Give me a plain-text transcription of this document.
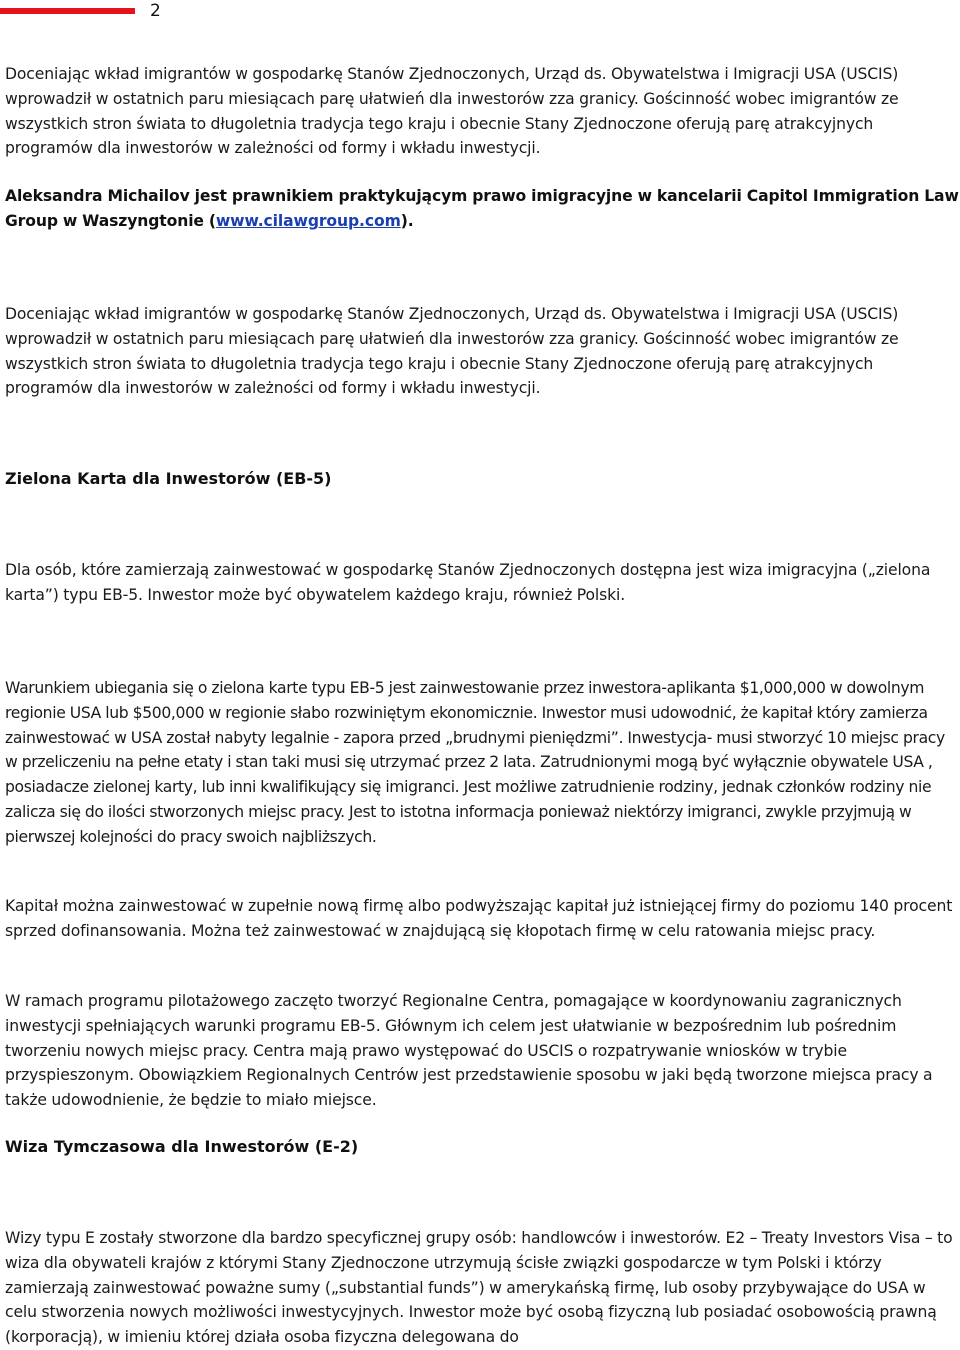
2

Doceniając wkład imigrantów w gospodarkę Stanów Zjednoczonych, Urząd ds. Obywatelstwa i Imigracji USA (USCIS) wprowadził w ostatnich paru miesiącach parę ułatwień dla inwestorów zza granicy. Gościnność wobec imigrantów ze wszystkich stron świata to długoletnia tradycja tego kraju i obecnie Stany Zjednoczone oferują parę atrakcyjnych programów dla inwestorów w zależności od formy i wkładu inwestycji.

Aleksandra Michailov jest prawnikiem praktykującym prawo imigracyjne w kancelarii Capitol Immigration Law Group w Waszyngtonie (www.cilawgroup.com).

Doceniając wkład imigrantów w gospodarkę Stanów Zjednoczonych, Urząd ds. Obywatelstwa i Imigracji USA (USCIS) wprowadził w ostatnich paru miesiącach parę ułatwień dla inwestorów zza granicy. Gościnność wobec imigrantów ze wszystkich stron świata to długoletnia tradycja tego kraju i obecnie Stany Zjednoczone oferują parę atrakcyjnych programów dla inwestorów w zależności od formy i wkładu inwestycji.

Zielona Karta dla Inwestorów (EB-5)

Dla osób, które zamierzają zainwestować w gospodarkę Stanów Zjednoczonych dostępna jest wiza imigracyjna („zielona karta”) typu EB-5. Inwestor może być obywatelem każdego kraju, również Polski.

Warunkiem ubiegania się o zielona karte typu EB-5 jest zainwestowanie przez inwestora-aplikanta $1,000,000 w dowolnym regionie USA lub $500,000 w regionie słabo rozwiniętym ekonomicznie. Inwestor musi udowodnić, że kapitał który zamierza zainwestować w USA został nabyty legalnie - zapora przed „brudnymi pieniędzmi”. Inwestycja- musi stworzyć 10 miejsc pracy w przeliczeniu na pełne etaty i stan taki musi się utrzymać przez 2 lata. Zatrudnionymi mogą być wyłącznie obywatele USA , posiadacze zielonej karty, lub inni kwalifikujący się imigranci. Jest możliwe zatrudnienie rodziny, jednak członków rodziny nie zalicza się do ilości stworzonych miejsc pracy. Jest to istotna informacja ponieważ niektórzy imigranci, zwykle przyjmują w pierwszej kolejności do pracy swoich najbliższych.

Kapitał można zainwestować w zupełnie nową firmę albo podwyższając kapitał już istniejącej firmy do poziomu 140 procent sprzed dofinansowania. Można też zainwestować w znajdującą się kłopotach firmę w celu ratowania miejsc pracy.

W ramach programu pilotażowego zaczęto tworzyć Regionalne Centra, pomagające w koordynowaniu zagranicznych inwestycji spełniających warunki programu EB-5. Głównym ich celem jest ułatwianie w bezpośrednim lub pośrednim tworzeniu nowych miejsc pracy. Centra mają prawo występować do USCIS o rozpatrywanie wniosków w trybie przyspieszonym. Obowiązkiem Regionalnych Centrów jest przedstawienie sposobu w jaki będą tworzone miejsca pracy a także udowodnienie, że będzie to miało miejsce.

Wiza Tymczasowa dla Inwestorów (E-2)

Wizy typu E zostały stworzone dla bardzo specyficznej grupy osób: handlowców i inwestorów. E2 – Treaty Investors Visa – to wiza dla obywateli krajów z którymi Stany Zjednoczone utrzymują ścisłe związki gospodarcze w tym Polski i którzy zamierzają zainwestować poważne sumy („substantial funds”) w amerykańską firmę, lub osoby przybywające do USA w celu stworzenia nowych możliwości inwestycyjnych. Inwestor może być osobą fizyczną lub posiadać osobowością prawną (korporacją), w imieniu której działa osoba fizyczna delegowana do
